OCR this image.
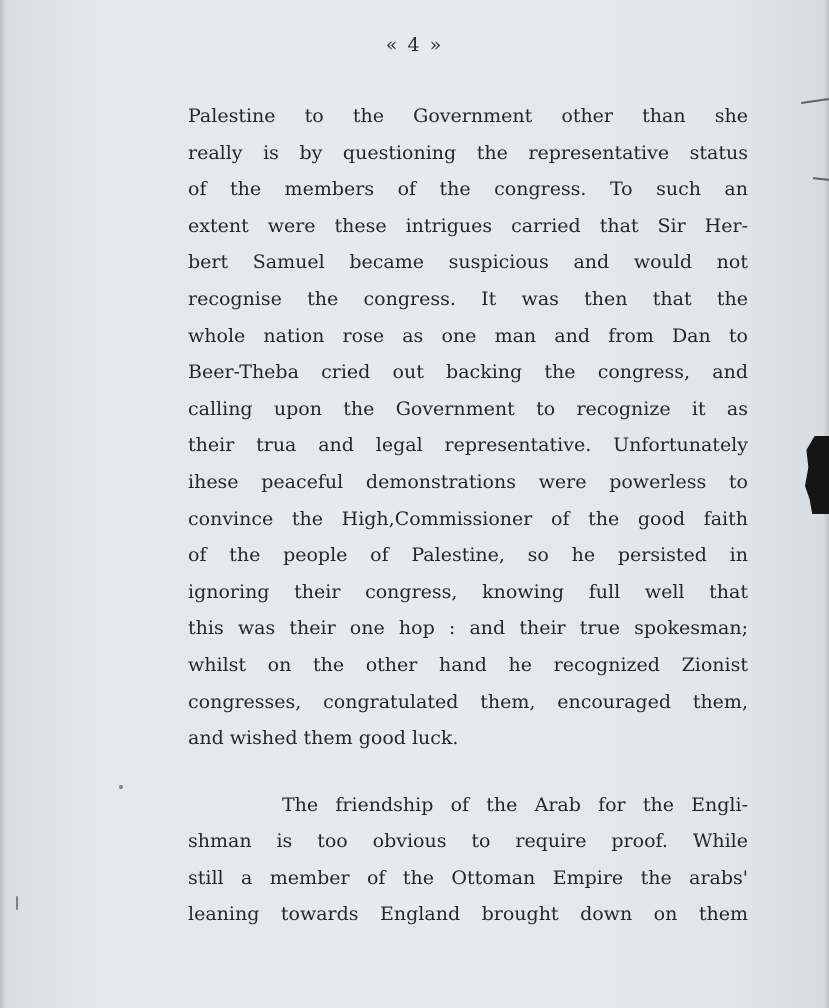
« 4 »
Palestine to the Government other than she
really is by questioning the representative status
of the members of the congress. To such an
extent were these intrigues carried that Sir Her-
bert Samuel became suspicious and would not
recognise the congress. It was then that the
whole nation rose as one man and from Dan to
Beer-Theba cried out backing the congress, and
calling upon the Government to recognize it as
their trua and legal representative. Unfortunately
ihese peaceful demonstrations were powerless to
convince the High,Commissioner of the good faith
of the people of Palestine, so he persisted in
ignoring their congress, knowing full well that
this was their one hop : and their true spokesman;
whilst on the other hand he recognized Zionist
congresses, congratulated them, encouraged them,
and wished them good luck.
The friendship of the Arab for the Engli-
shman is too obvious to require proof. While
still a member of the Ottoman Empire the arabs'
leaning towards England brought down on them
